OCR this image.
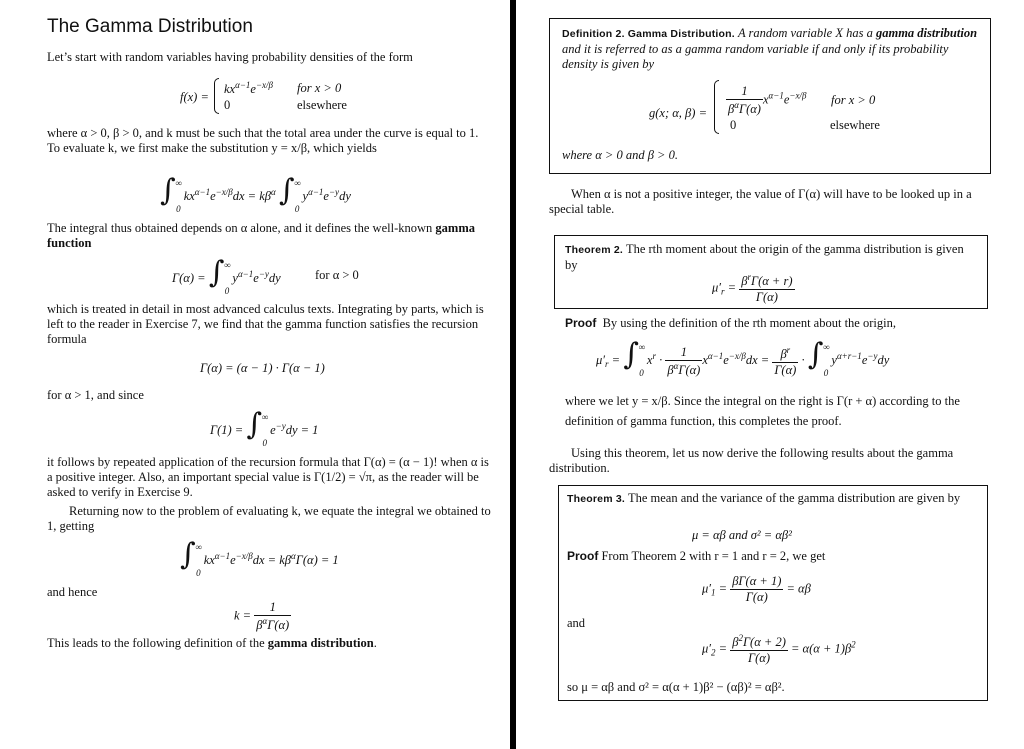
The Gamma Distribution
Let’s start with random variables having probability densities of the form
f(x) =
$kx^{\alpha-1}e^{-x/\beta}$ for x > 0
0	elsewhere
where α > 0, β > 0, and k must be such that the total area under the curve is equal to 1. To evaluate k, we first make the substitution y = x/β, which yields
$\int^\infty_0$ $kx^{\alpha-1}e^{-x/\beta}dx = k\beta^\alpha$ $\int^\infty_0$ $y^{\alpha-1}e^{-y}dy$
The integral thus obtained depends on α alone, and it defines the well-known gamma function
$\Gamma(\alpha) = \int^\infty_0$ $y^{\alpha-1}e^{-y}dy$	for α > 0
which is treated in detail in most advanced calculus texts. Integrating by parts, which is left to the reader in Exercise 7, we find that the gamma function satisfies the recursion formula
Γ(α) = (α − 1) · Γ(α − 1)
for α > 1, and since
$\Gamma(1) = \int^\infty_0$ $e^{-y}dy = 1$
it follows by repeated application of the recursion formula that Γ(α) = (α − 1)! when α is a positive integer. Also, an important special value is Γ(1/2) = √π, as the reader will be asked to verify in Exercise 9.
Returning now to the problem of evaluating k, we equate the integral we obtained to 1, getting
$\int^\infty_0$ $kx^{\alpha-1}e^{-x/\beta}dx = k\beta^\alpha\Gamma(\alpha) = 1$
and hence
$k = \frac{1}{\beta^\alpha\Gamma(\alpha)}$
This leads to the following definition of the gamma distribution.
Definition 2. Gamma Distribution. A random variable X has a gamma distribution and it is referred to as a gamma random variable if and only if its probability density is given by
g(x; α, $\beta) = \frac{1}{\beta^\alpha\Gamma(\alpha)} x^{\alpha-1}e^{-x/\beta}$ for x > 0
0	elsewhere
where α > 0 and β > 0.
When α is not a positive integer, the value of Γ(α) will have to be looked up in a special table.
Theorem 2. The rth moment about the origin of the gamma distribution is given by
$\mu'_r = \frac{\beta^r\Gamma(\alpha + r)}{\Gamma(\alpha)}$
Proof By using the definition of the rth moment about the origin,
$\mu'_r = \int^\infty_0$ $x^r \cdot \frac{1}{\beta^\alpha\Gamma(\alpha)} x^{\alpha-1}e^{-x/\beta}dx = \frac{\beta^r}{\Gamma(\alpha)} \cdot \int^\infty_0$ $y^{\alpha+r-1}e^{-y}dy$
where we let y = x/β. Since the integral on the right is Γ(r + α) according to the definition of gamma function, this completes the proof.
Using this theorem, let us now derive the following results about the gamma distribution.
Theorem 3. The mean and the variance of the gamma distribution are given by
μ = αβ and σ² = αβ²
Proof From Theorem 2 with r = 1 and r = 2, we get
$\mu'_1 = \frac{\beta\Gamma(\alpha + 1)}{\Gamma(\alpha)} = \alpha\beta$
and
$\mu'_2 = \frac{\beta^2\Gamma(\alpha + 2)}{\Gamma(\alpha)} = \alpha(\alpha + 1)\beta^2$
so μ = αβ and σ² = α(α + 1)β² − (αβ)² = αβ².
